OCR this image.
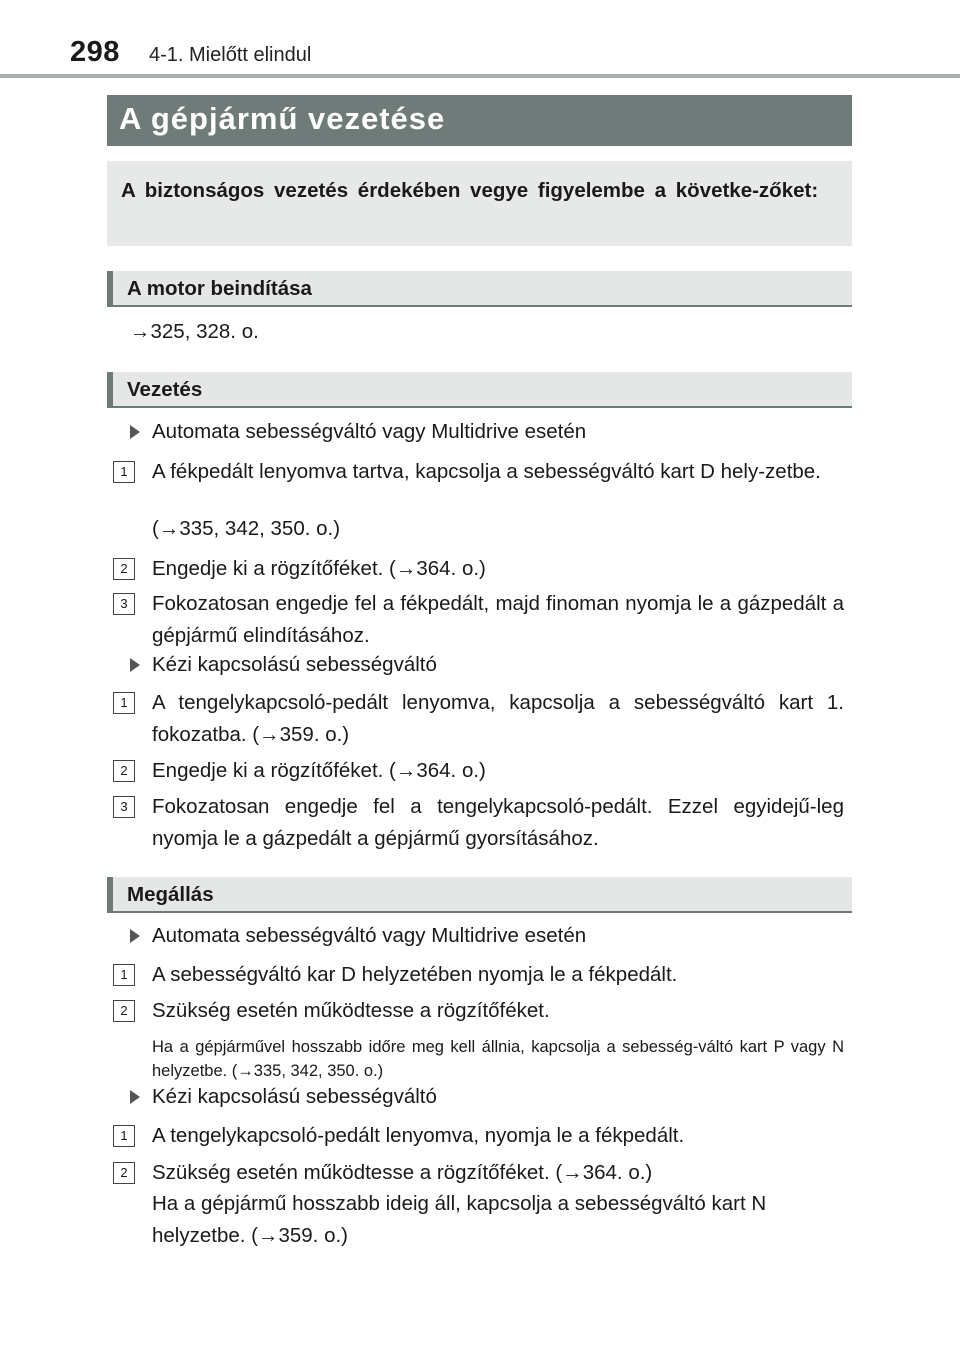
298 4-1. Mielőtt elindul
A gépjármű vezetése
A biztonságos vezetés érdekében vegye figyelembe a követke-zőket:
A motor beindítása
→325, 328. o.
Vezetés
Automata sebességváltó vagy Multidrive esetén
1	A fékpedált lenyomva tartva, kapcsolja a sebességváltó kart D hely-zetbe.
(→335, 342, 350. o.)
2	Engedje ki a rögzítőféket. (→364. o.)
3	Fokozatosan engedje fel a fékpedált, majd finoman nyomja le a gázpedált a gépjármű elindításához.
Kézi kapcsolású sebességváltó
1	A tengelykapcsoló-pedált lenyomva, kapcsolja a sebességváltó kart 1. fokozatba. (→359. o.)
2	Engedje ki a rögzítőféket. (→364. o.)
3	Fokozatosan engedje fel a tengelykapcsoló-pedált. Ezzel egyidejű-leg nyomja le a gázpedált a gépjármű gyorsításához.
Megállás
Automata sebességváltó vagy Multidrive esetén
1	A sebességváltó kar D helyzetében nyomja le a fékpedált.
2	Szükség esetén működtesse a rögzítőféket.
Ha a gépjárművel hosszabb időre meg kell állnia, kapcsolja a sebesség-váltó kart P vagy N helyzetbe. (→335, 342, 350. o.)
Kézi kapcsolású sebességváltó
1	A tengelykapcsoló-pedált lenyomva, nyomja le a fékpedált.
2	Szükség esetén működtesse a rögzítőféket. (→364. o.)
Ha a gépjármű hosszabb ideig áll, kapcsolja a sebességváltó kart N helyzetbe. (→359. o.)
